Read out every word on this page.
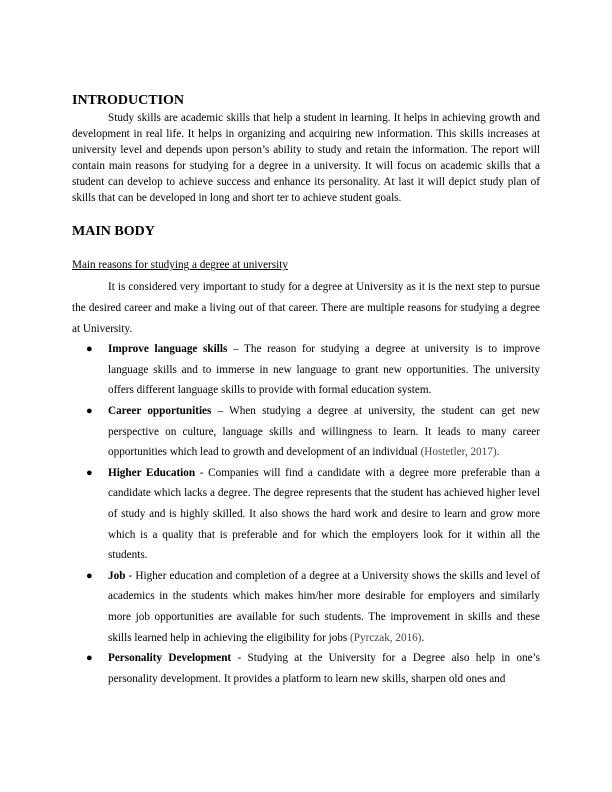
INTRODUCTION

Study skills are academic skills that help a student in learning. It helps in achieving growth and development in real life. It helps in organizing and acquiring new information. This skills increases at university level and depends upon person’s ability to study and retain the information. The report will contain main reasons for studying for a degree in a university. It will focus on academic skills that a student can develop to achieve success and enhance its personality. At last it will depict study plan of skills that can be developed in long and short ter to achieve student goals.

MAIN BODY

Main reasons for studying a degree at university

It is considered very important to study for a degree at University as it is the next step to pursue the desired career and make a living out of that career. There are multiple reasons for studying a degree at University.

● Improve language skills – The reason for studying a degree at university is to improve language skills and to immerse in new language to grant new opportunities. The university offers different language skills to provide with formal education system.
● Career opportunities – When studying a degree at university, the student can get new perspective on culture, language skills and willingness to learn. It leads to many career opportunities which lead to growth and development of an individual (Hostetler, 2017).
● Higher Education - Companies will find a candidate with a degree more preferable than a candidate which lacks a degree. The degree represents that the student has achieved higher level of study and is highly skilled. It also shows the hard work and desire to learn and grow more which is a quality that is preferable and for which the employers look for it within all the students.
● Job - Higher education and completion of a degree at a University shows the skills and level of academics in the students which makes him/her more desirable for employers and similarly more job opportunities are available for such students. The improvement in skills and these skills learned help in achieving the eligibility for jobs (Pyrczak, 2016).
● Personality Development - Studying at the University for a Degree also help in one’s personality development. It provides a platform to learn new skills, sharpen old ones and
